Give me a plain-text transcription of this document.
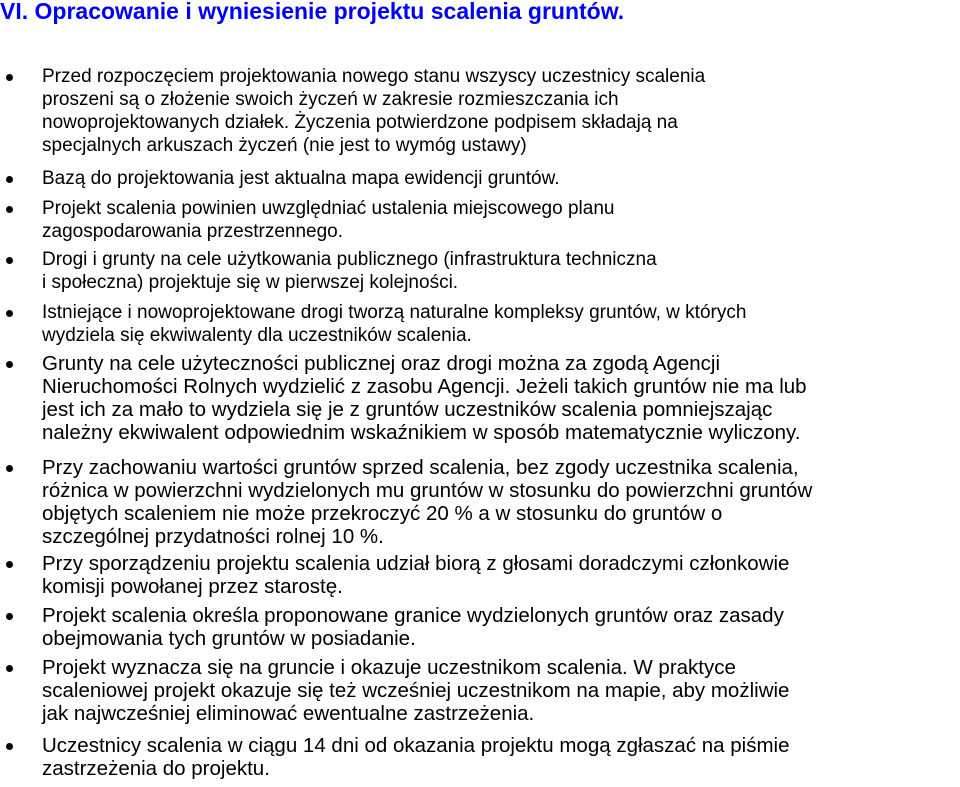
VI. Opracowanie i wyniesienie projektu scalenia gruntów.
Przed rozpoczęciem projektowania nowego stanu wszyscy uczestnicy scalenia
proszeni są o złożenie swoich życzeń w zakresie rozmieszczania ich
nowoprojektowanych działek. Życzenia potwierdzone podpisem składają na
specjalnych arkuszach życzeń (nie jest to wymóg ustawy)
Bazą do projektowania jest aktualna mapa ewidencji gruntów.
Projekt scalenia powinien uwzględniać ustalenia miejscowego planu
zagospodarowania przestrzennego.
Drogi i grunty na cele użytkowania publicznego (infrastruktura techniczna
i społeczna) projektuje się w pierwszej kolejności.
Istniejące i nowoprojektowane drogi tworzą naturalne kompleksy gruntów, w których
wydziela się ekwiwalenty dla uczestników scalenia.
Grunty na cele użyteczności publicznej oraz drogi można za zgodą Agencji
Nieruchomości Rolnych wydzielić z zasobu Agencji. Jeżeli takich gruntów nie ma lub
jest ich za mało to wydziela się je z gruntów uczestników scalenia pomniejszając
należny ekwiwalent odpowiednim wskaźnikiem w sposób matematycznie wyliczony.
Przy zachowaniu wartości gruntów sprzed scalenia, bez zgody uczestnika scalenia,
różnica w powierzchni wydzielonych mu gruntów w stosunku do powierzchni gruntów
objętych scaleniem nie może przekroczyć 20 % a w stosunku do gruntów o
szczególnej przydatności rolnej 10 %.
Przy sporządzeniu projektu scalenia udział biorą z głosami doradczymi członkowie
komisji powołanej przez starostę.
Projekt scalenia określa proponowane granice wydzielonych gruntów oraz zasady
obejmowania tych gruntów w posiadanie.
Projekt wyznacza się na gruncie i okazuje uczestnikom scalenia. W praktyce
scaleniowej projekt okazuje się też wcześniej uczestnikom na mapie, aby możliwie
jak najwcześniej eliminować ewentualne zastrzeżenia.
Uczestnicy scalenia w ciągu 14 dni od okazania projektu mogą zgłaszać na piśmie
zastrzeżenia do projektu.
